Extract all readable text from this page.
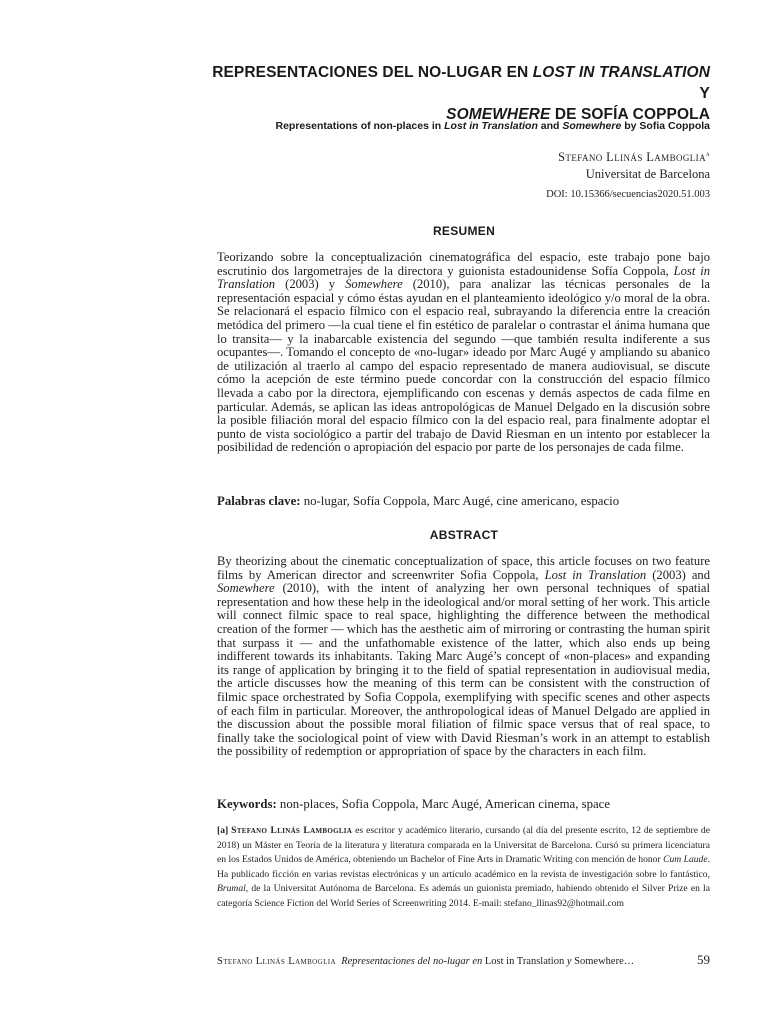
REPRESENTACIONES DEL NO-LUGAR EN LOST IN TRANSLATION Y
SOMEWHERE DE SOFÍA COPPOLA
Representations of non-places in Lost in Translation and Somewhere by Sofia Coppola
Stefano Llinás Lamboglia$^a$
Universitat de Barcelona
DOI: 10.15366/secuencias2020.51.003
RESUMEN
Teorizando sobre la conceptualización cinematográfica del espacio, este trabajo pone bajo escrutinio dos largometrajes de la directora y guionista estadounidense Sofía Coppola, Lost in Translation (2003) y Somewhere (2010), para analizar las técnicas personales de la representación espacial y cómo éstas ayudan en el planteamiento ideológico y/o moral de la obra. Se relacionará el espacio fílmico con el espacio real, subrayando la diferencia entre la creación metódica del primero —la cual tiene el fin estético de paralelar o contrastar el ánima humana que lo transita— y la inabarcable existencia del segundo —que también resulta indiferente a sus ocupantes—. Tomando el concepto de «no-lugar» ideado por Marc Augé y ampliando su abanico de utilización al traerlo al campo del espacio representado de manera audiovisual, se discute cómo la acepción de este término puede concordar con la construcción del espacio fílmico llevada a cabo por la directora, ejemplificando con escenas y demás aspectos de cada filme en particular. Además, se aplican las ideas antropológicas de Manuel Delgado en la discusión sobre la posible filiación moral del espacio fílmico con la del espacio real, para finalmente adoptar el punto de vista sociológico a partir del trabajo de David Riesman en un intento por establecer la posibilidad de redención o apropiación del espacio por parte de los personajes de cada filme.
Palabras clave: no-lugar, Sofía Coppola, Marc Augé, cine americano, espacio
ABSTRACT
By theorizing about the cinematic conceptualization of space, this article focuses on two feature films by American director and screenwriter Sofia Coppola, Lost in Translation (2003) and Somewhere (2010), with the intent of analyzing her own personal techniques of spatial representation and how these help in the ideological and/or moral setting of her work. This article will connect filmic space to real space, highlighting the difference between the methodical creation of the former — which has the aesthetic aim of mirroring or contrasting the human spirit that surpass it — and the unfathomable existence of the latter, which also ends up being indifferent towards its inhabitants. Taking Marc Augé’s concept of «non-places» and expanding its range of application by bringing it to the field of spatial representation in audiovisual media, the article discusses how the meaning of this term can be consistent with the construction of filmic space orchestrated by Sofia Coppola, exemplifying with specific scenes and other aspects of each film in particular. Moreover, the anthropological ideas of Manuel Delgado are applied in the discussion about the possible moral filiation of filmic space versus that of real space, to finally take the sociological point of view with David Riesman’s work in an attempt to establish the possibility of redemption or appropriation of space by the characters in each film.
Keywords: non-places, Sofia Coppola, Marc Augé, American cinema, space
[a] Stefano Llinás Lamboglia es escritor y académico literario, cursando (al día del presente escrito, 12 de septiembre de 2018) un Máster en Teoría de la literatura y literatura comparada en la Universitat de Barcelona. Cursó su primera licenciatura en los Estados Unidos de América, obteniendo un Bachelor of Fine Arts in Dramatic Writing con mención de honor Cum Laude. Ha publicado ficción en varias revistas electrónicas y un artículo académico en la revista de investigación sobre lo fantástico, Brumal, de la Universitat Autónoma de Barcelona. Es además un guionista premiado, habiendo obtenido el Silver Prize en la categoría Science Fiction del World Series of Screenwriting 2014. E-mail: stefano_llinas92@hotmail.com
Stefano Llinás Lamboglia Representaciones del no-lugar en Lost in Translation y Somewhere…	59
